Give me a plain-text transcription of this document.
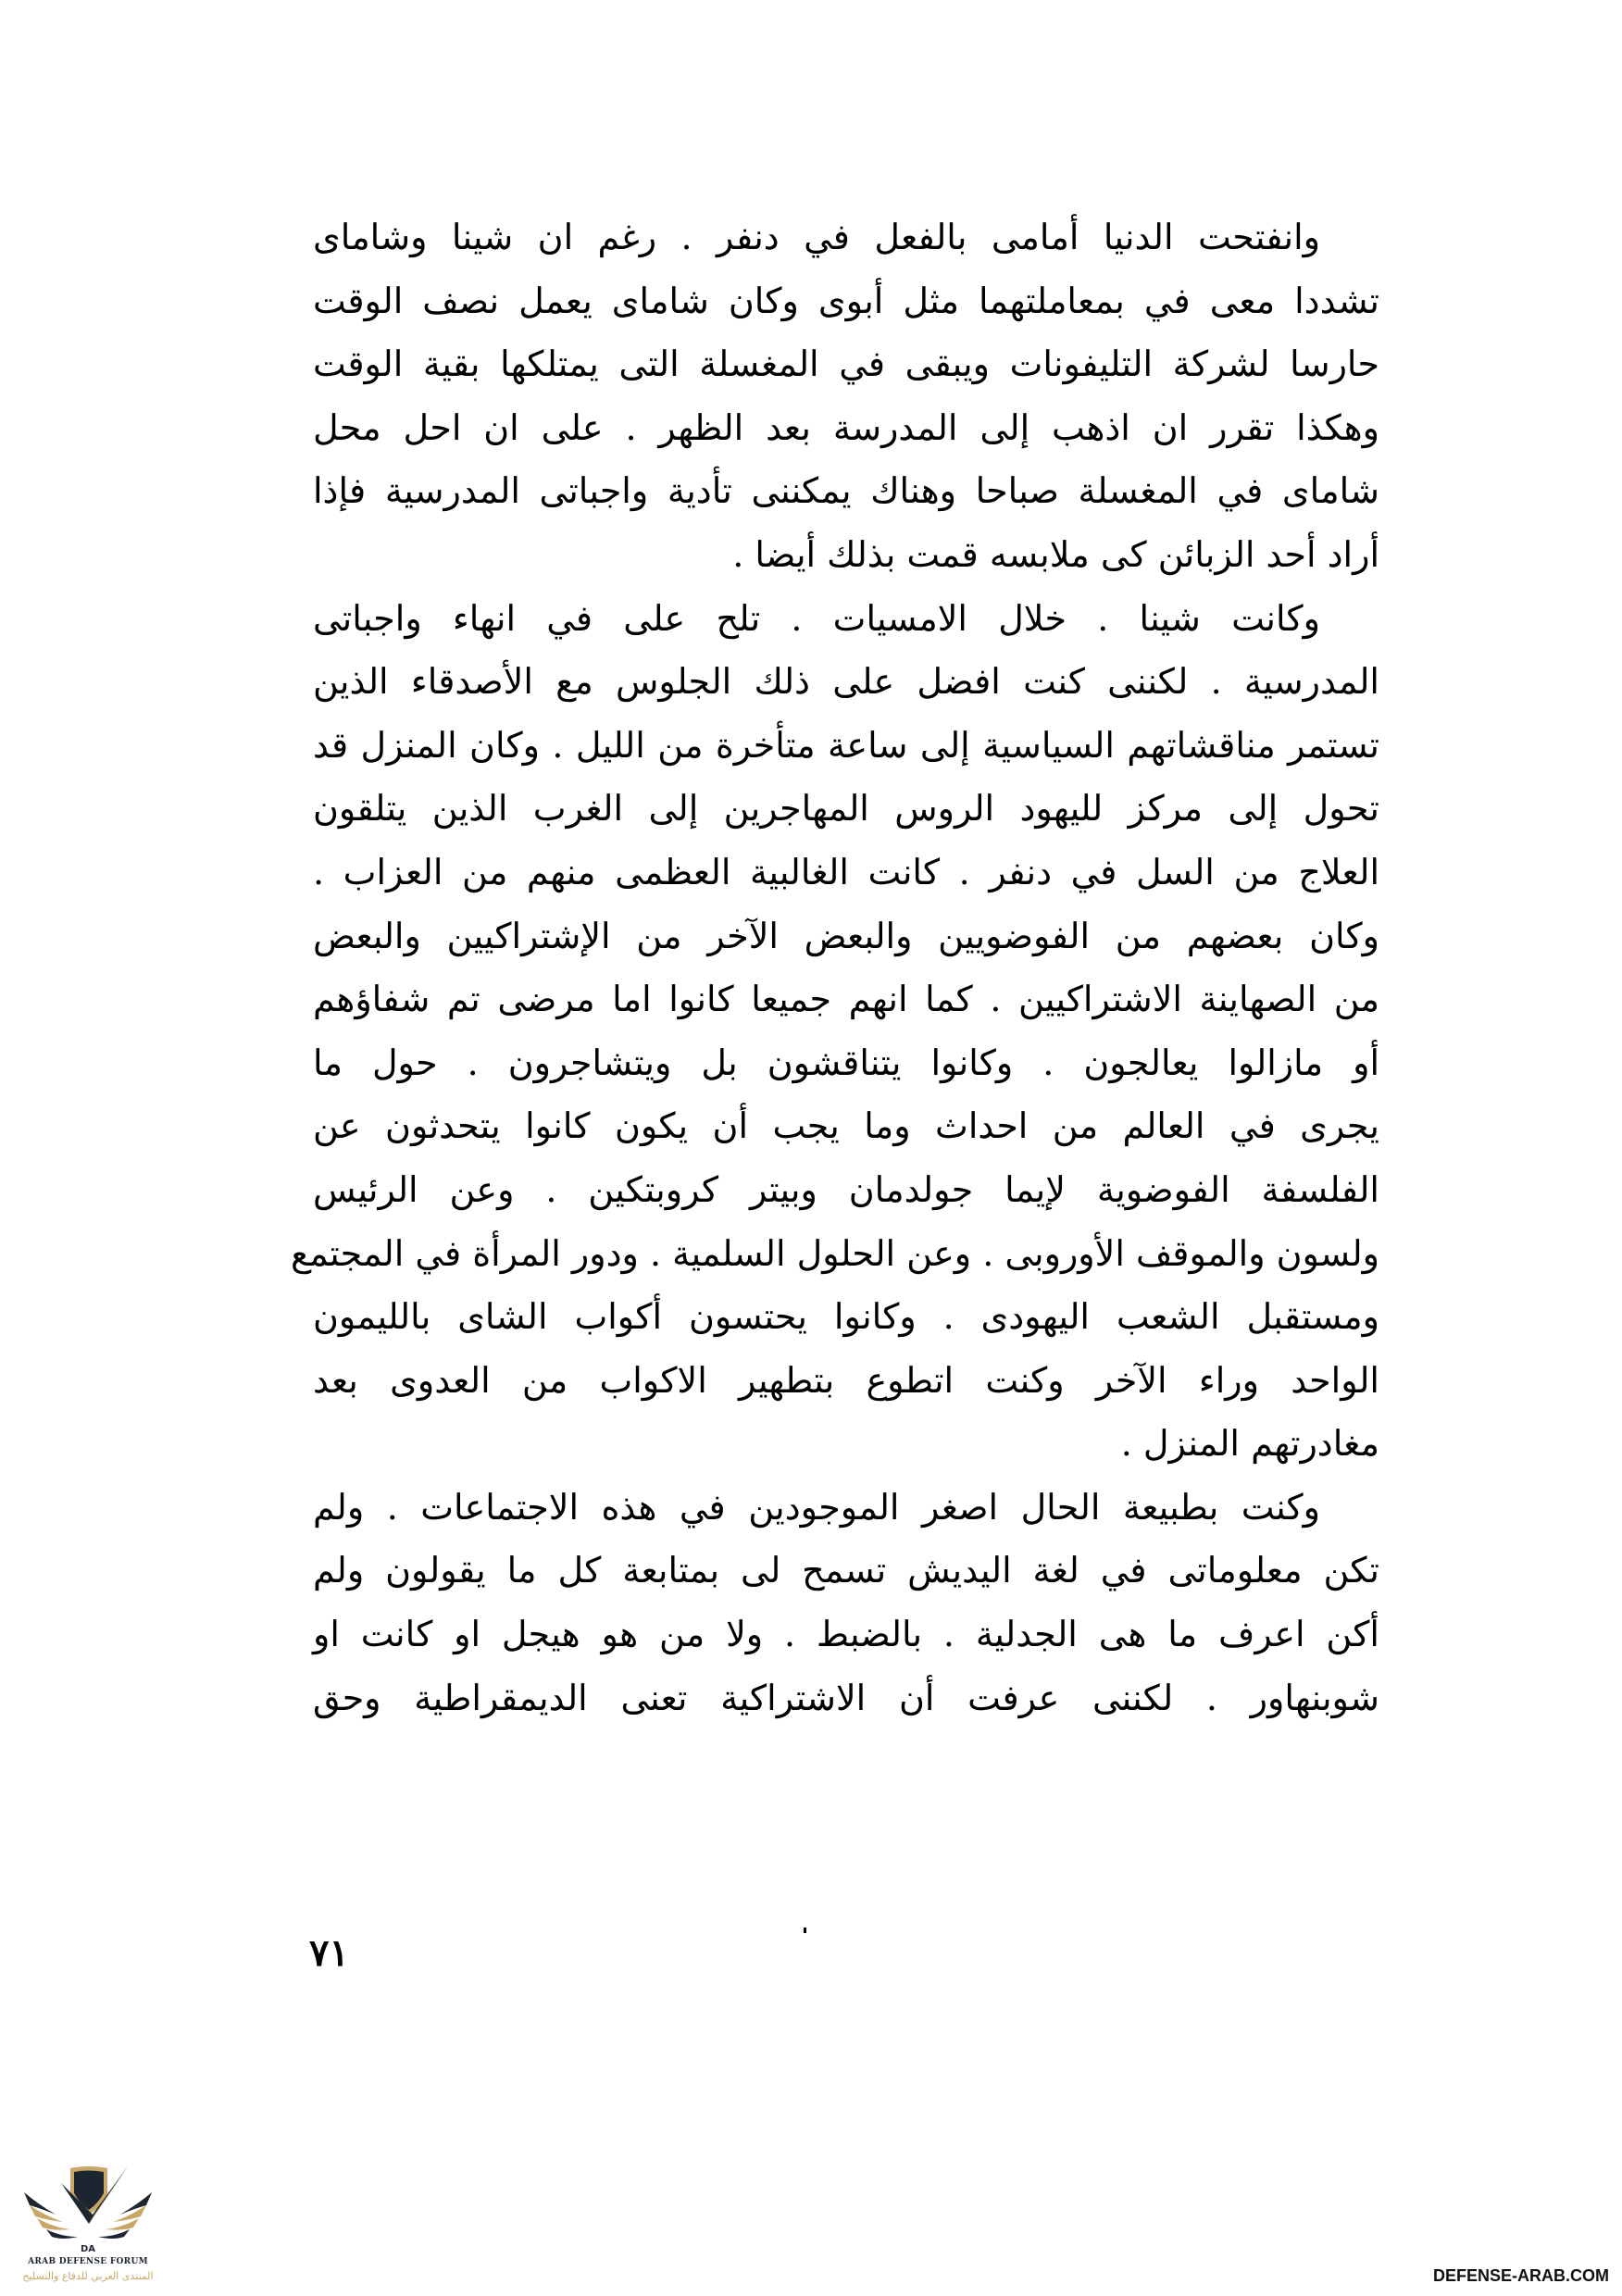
وانفتحت الدنيا أمامى بالفعل في دنفر . رغم ان شينا وشاماى
تشددا معى في بمعاملتهما مثل أبوى وكان شاماى يعمل نصف الوقت
حارسا لشركة التليفونات ويبقى في المغسلة التى يمتلكها بقية الوقت
وهكذا تقرر ان اذهب إلى المدرسة بعد الظهر . على ان احل محل
شاماى في المغسلة صباحا وهناك يمكننى تأدية واجباتى المدرسية فإذا
أراد أحد الزبائن كى ملابسه قمت بذلك أيضا .
وكانت شينا . خلال الامسيات . تلح على في انهاء واجباتى
المدرسية . لكننى كنت افضل على ذلك الجلوس مع الأصدقاء الذين
تستمر مناقشاتهم السياسية إلى ساعة متأخرة من الليل . وكان المنزل قد
تحول إلى مركز لليهود الروس المهاجرين إلى الغرب الذين يتلقون
العلاج من السل في دنفر . كانت الغالبية العظمى منهم من العزاب .
وكان بعضهم من الفوضويين والبعض الآخر من الإشتراكيين والبعض
من الصهاينة الاشتراكيين . كما انهم جميعا كانوا اما مرضى تم شفاؤهم
أو مازالوا يعالجون . وكانوا يتناقشون بل ويتشاجرون . حول ما
يجرى في العالم من احداث وما يجب أن يكون كانوا يتحدثون عن
الفلسفة الفوضوية لإيما جولدمان وبيتر كروبتكين . وعن الرئيس
ولسون والموقف الأوروبى . وعن الحلول السلمية . ودور المرأة في المجتمع
ومستقبل الشعب اليهودى . وكانوا يحتسون أكواب الشاى بالليمون
الواحد وراء الآخر وكنت اتطوع بتطهير الاكواب من العدوى بعد
مغادرتهم المنزل .
وكنت بطبيعة الحال اصغر الموجودين في هذه الاجتماعات . ولم
تكن معلوماتى في لغة اليديش تسمح لى بمتابعة كل ما يقولون ولم
أكن اعرف ما هى الجدلية . بالضبط . ولا من هو هيجل او كانت او
شوبنهاور . لكننى عرفت أن الاشتراكية تعنى الديمقراطية وحق
٧١
DA
ARAB DEFENSE FORUM
المنتدى العربي للدفاع والتسليح	DEFENSE-ARAB.COM
